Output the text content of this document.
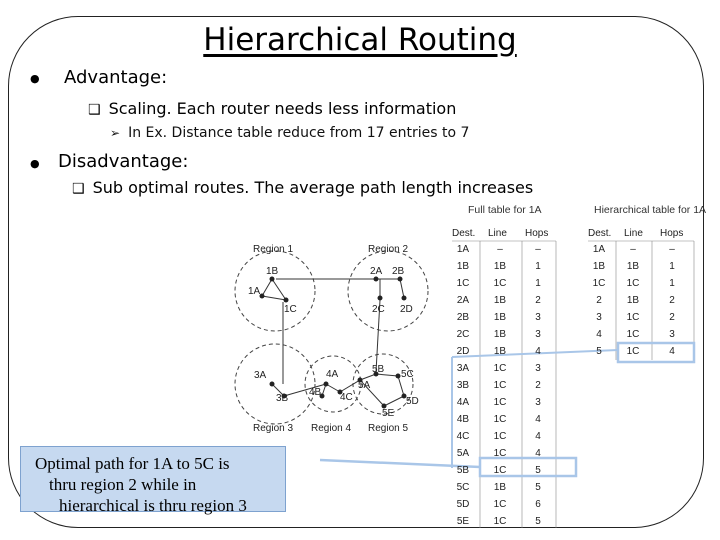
Hierarchical Routing
● Advantage:
❑ Scaling. Each router needs less information
➢ In Ex. Distance table reduce from 17 entries to 7
● Disadvantage:
❑ Sub optimal routes. The average path length increases
Region 1	Region 2
Region 3 Region 4 Region 5
1B
1A
1C
2A 2B
2C 2D
3A
3B
4A
4B 4C
5A
5B 5C
5D
5E
Full table for 1A
Dest. Line Hops
1A	–	–
1B	1B	1
1C	1C	1
2A	1B	2
2B	1B	3
2C	1B	3
2D	1B	4
3A	1C	3
3B	1C	2
4A	1C	3
4B	1C	4
4C	1C	4
5A	1C	4
5B	1C	5
5C	1B	5
5D	1C	6
5E	1C	5
Hierarchical table for 1A
Dest. Line Hops
1A	–	–
1B	1B	1
1C	1C	1
2	1B	2
3	1C	2
4	1C	3
5	1C	4
Optimal path for 1A to 5C is
thru region 2 while in
hierarchical is thru region 3
